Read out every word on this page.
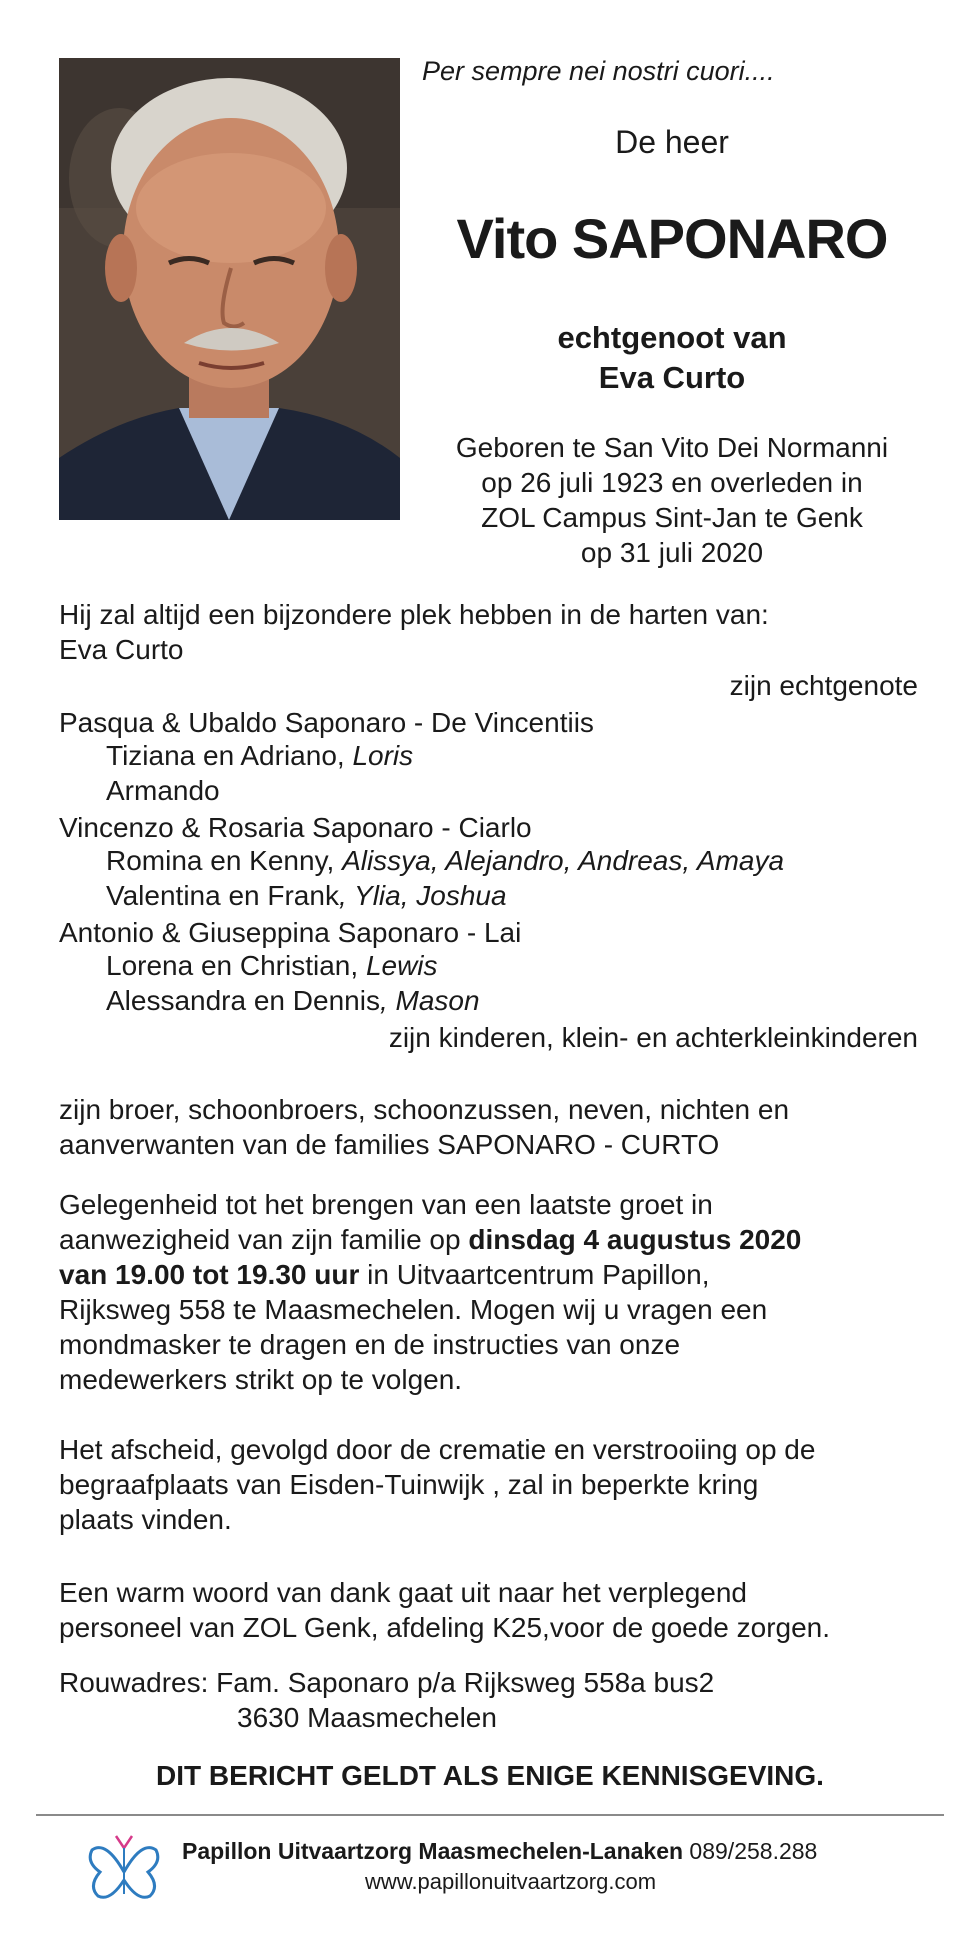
Per sempre nei nostri cuori....
De heer
Vito SAPONARO
echtgenoot van
Eva Curto
Geboren te San Vito Dei Normanni
op 26 juli 1923 en overleden in
ZOL Campus Sint-Jan te Genk
op 31 juli 2020
Hij zal altijd een bijzondere plek hebben in de harten van:
Eva Curto
zijn echtgenote
Pasqua & Ubaldo Saponaro - De Vincentiis
Tiziana en Adriano, Loris
Armando
Vincenzo & Rosaria Saponaro - Ciarlo
Romina en Kenny, Alissya, Alejandro, Andreas, Amaya
Valentina en Frank, Ylia, Joshua
Antonio & Giuseppina Saponaro - Lai
Lorena en Christian, Lewis
Alessandra en Dennis, Mason
zijn kinderen, klein- en achterkleinkinderen
zijn broer, schoonbroers, schoonzussen, neven, nichten en
aanverwanten van de families SAPONARO - CURTO
Gelegenheid tot het brengen van een laatste groet in
aanwezigheid van zijn familie op dinsdag 4 augustus 2020
van 19.00 tot 19.30 uur in Uitvaartcentrum Papillon,
Rijksweg 558 te Maasmechelen. Mogen wij u vragen een
mondmasker te dragen en de instructies van onze
medewerkers strikt op te volgen.
Het afscheid, gevolgd door de crematie en verstrooiing op de
begraafplaats van Eisden-Tuinwijk , zal in beperkte kring
plaats vinden.
Een warm woord van dank gaat uit naar het verplegend
personeel van ZOL Genk, afdeling K25,voor de goede zorgen.
Rouwadres: Fam. Saponaro p/a Rijksweg 558a bus2
3630 Maasmechelen
DIT BERICHT GELDT ALS ENIGE KENNISGEVING.
Papillon Uitvaartzorg Maasmechelen-Lanaken 089/258.288
www.papillonuitvaartzorg.com
